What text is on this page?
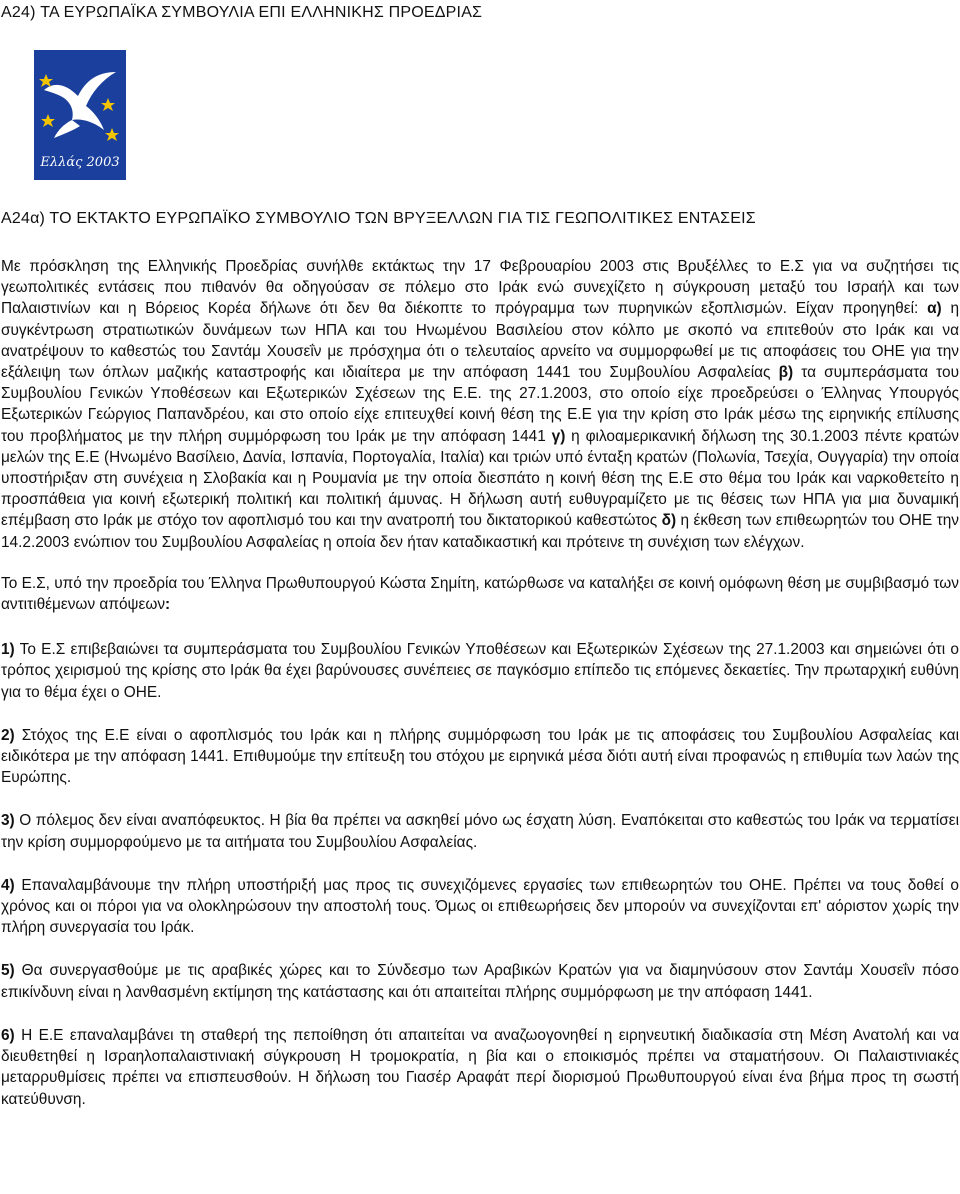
A24) ΤΑ ΕΥΡΩΠΑΪΚΑ ΣΥΜΒΟΥΛΙΑ ΕΠΙ ΕΛΛΗΝΙΚΗΣ ΠΡΟΕΔΡΙΑΣ
Ελλάς 2003
A24α) ΤΟ ΕΚΤΑΚΤΟ ΕΥΡΩΠΑΪΚΟ ΣΥΜΒΟΥΛΙΟ ΤΩΝ ΒΡΥΞΕΛΛΩΝ ΓΙΑ ΤΙΣ ΓΕΩΠΟΛΙΤΙΚΕΣ ΕΝΤΑΣΕΙΣ

Με πρόσκληση της Ελληνικής Προεδρίας συνήλθε εκτάκτως την 17 Φεβρουαρίου 2003 στις Βρυξέλλες το Ε.Σ για να συζητήσει τις γεωπολιτικές εντάσεις που πιθανόν θα οδηγούσαν σε πόλεμο στο Ιράκ ενώ συνεχίζετο η σύγκρουση μεταξύ του Ισραήλ και των Παλαιστινίων και η Βόρειος Κορέα δήλωνε ότι δεν θα διέκοπτε το πρόγραμμα των πυρηνικών εξοπλισμών. Είχαν προηγηθεί: α) η συγκέντρωση στρατιωτικών δυνάμεων των ΗΠΑ και του Ηνωμένου Βασιλείου στον κόλπο με σκοπό να επιτεθούν στο Ιράκ και να ανατρέψουν το καθεστώς του Σαντάμ Χουσεΐν με πρόσχημα ότι ο τελευταίος αρνείτο να συμμορφωθεί με τις αποφάσεις του ΟΗΕ για την εξάλειψη των όπλων μαζικής καταστροφής και ιδιαίτερα με την απόφαση 1441 του Συμβουλίου Ασφαλείας β) τα συμπεράσματα του Συμβουλίου Γενικών Υποθέσεων και Εξωτερικών Σχέσεων της Ε.Ε. της 27.1.2003, στο οποίο είχε προεδρεύσει ο Έλληνας Υπουργός Εξωτερικών Γεώργιος Παπανδρέου, και στο οποίο είχε επιτευχθεί κοινή θέση της Ε.Ε για την κρίση στο Ιράκ μέσω της ειρηνικής επίλυσης του προβλήματος με την πλήρη συμμόρφωση του Ιράκ με την απόφαση 1441 γ) η φιλοαμερικανική δήλωση της 30.1.2003 πέντε κρατών μελών της Ε.Ε (Ηνωμένο Βασίλειο, Δανία, Ισπανία, Πορτογαλία, Ιταλία) και τριών υπό ένταξη κρατών (Πολωνία, Τσεχία, Ουγγαρία) την οποία υποστήριξαν στη συνέχεια η Σλοβακία και η Ρουμανία με την οποία διεσπάτο η κοινή θέση της Ε.Ε στο θέμα του Ιράκ και ναρκοθετείτο η προσπάθεια για κοινή εξωτερική πολιτική και πολιτική άμυνας. Η δήλωση αυτή ευθυγραμίζετο με τις θέσεις των ΗΠΑ για μια δυναμική επέμβαση στο Ιράκ με στόχο τον αφοπλισμό του και την ανατροπή του δικτατορικού καθεστώτος δ) η έκθεση των επιθεωρητών του ΟΗΕ την 14.2.2003 ενώπιον του Συμβουλίου Ασφαλείας η οποία δεν ήταν καταδικαστική και πρότεινε τη συνέχιση των ελέγχων.

Το Ε.Σ, υπό την προεδρία του Έλληνα Πρωθυπουργού Κώστα Σημίτη, κατώρθωσε να καταλήξει σε κοινή ομόφωνη θέση με συμβιβασμό των αντιτιθέμενων απόψεων:

1) Το Ε.Σ επιβεβαιώνει τα συμπεράσματα του Συμβουλίου Γενικών Υποθέσεων και Εξωτερικών Σχέσεων της 27.1.2003 και σημειώνει ότι ο τρόπος χειρισμού της κρίσης στο Ιράκ θα έχει βαρύνουσες συνέπειες σε παγκόσμιο επίπεδο τις επόμενες δεκαετίες. Την πρωταρχική ευθύνη για το θέμα έχει ο ΟΗΕ.

2) Στόχος της Ε.Ε είναι ο αφοπλισμός του Ιράκ και η πλήρης συμμόρφωση του Ιράκ με τις αποφάσεις του Συμβουλίου Ασφαλείας και ειδικότερα με την απόφαση 1441. Επιθυμούμε την επίτευξη του στόχου με ειρηνικά μέσα διότι αυτή είναι προφανώς η επιθυμία των λαών της Ευρώπης.

3) Ο πόλεμος δεν είναι αναπόφευκτος. Η βία θα πρέπει να ασκηθεί μόνο ως έσχατη λύση. Εναπόκειται στο καθεστώς του Ιράκ να τερματίσει την κρίση συμμορφούμενο με τα αιτήματα του Συμβουλίου Ασφαλείας.

4) Επαναλαμβάνουμε την πλήρη υποστήριξή μας προς τις συνεχιζόμενες εργασίες των επιθεωρητών του ΟΗΕ. Πρέπει να τους δοθεί ο χρόνος και οι πόροι για να ολοκληρώσουν την αποστολή τους. Όμως οι επιθεωρήσεις δεν μπορούν να συνεχίζονται επ' αόριστον χωρίς την πλήρη συνεργασία του Ιράκ.

5) Θα συνεργασθούμε με τις αραβικές χώρες και το Σύνδεσμο των Αραβικών Κρατών για να διαμηνύσουν στον Σαντάμ Χουσεΐν πόσο επικίνδυνη είναι η λανθασμένη εκτίμηση της κατάστασης και ότι απαιτείται πλήρης συμμόρφωση με την απόφαση 1441.

6) Η Ε.Ε επαναλαμβάνει τη σταθερή της πεποίθηση ότι απαιτείται να αναζωογονηθεί η ειρηνευτική διαδικασία στη Μέση Ανατολή και να διευθετηθεί η Ισραηλοπαλαιστινιακή σύγκρουση Η τρομοκρατία, η βία και ο εποικισμός πρέπει να σταματήσουν. Οι Παλαιστινιακές μεταρρυθμίσεις πρέπει να επισπευσθούν. Η δήλωση του Γιασέρ Αραφάτ περί διορισμού Πρωθυπουργού είναι ένα βήμα προς τη σωστή κατεύθυνση.
